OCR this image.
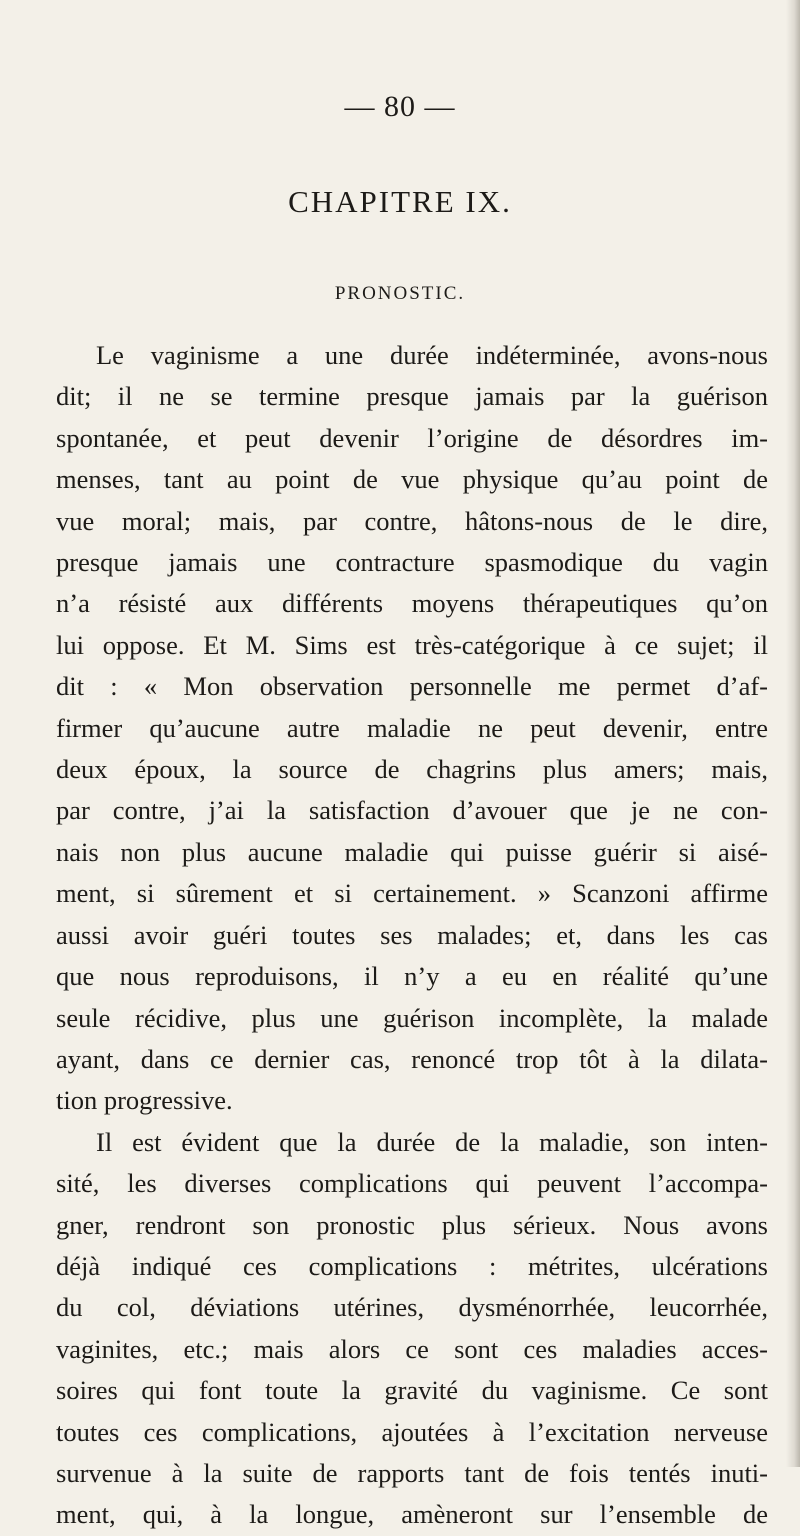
— 80 —
CHAPITRE IX.
PRONOSTIC.
Le vaginisme a une durée indéterminée, avons-nous
dit; il ne se termine presque jamais par la guérison
spontanée, et peut devenir l’origine de désordres im-
menses, tant au point de vue physique qu’au point de
vue moral; mais, par contre, hâtons-nous de le dire,
presque jamais une contracture spasmodique du vagin
n’a résisté aux différents moyens thérapeutiques qu’on
lui oppose. Et M. Sims est très-catégorique à ce sujet; il
dit : « Mon observation personnelle me permet d’af-
firmer qu’aucune autre maladie ne peut devenir, entre
deux époux, la source de chagrins plus amers; mais,
par contre, j’ai la satisfaction d’avouer que je ne con-
nais non plus aucune maladie qui puisse guérir si aisé-
ment, si sûrement et si certainement. » Scanzoni affirme
aussi avoir guéri toutes ses malades; et, dans les cas
que nous reproduisons, il n’y a eu en réalité qu’une
seule récidive, plus une guérison incomplète, la malade
ayant, dans ce dernier cas, renoncé trop tôt à la dilata-
tion progressive.
Il est évident que la durée de la maladie, son inten-
sité, les diverses complications qui peuvent l’accompa-
gner, rendront son pronostic plus sérieux. Nous avons
déjà indiqué ces complications : métrites, ulcérations
du col, déviations utérines, dysménorrhée, leucorrhée,
vaginites, etc.; mais alors ce sont ces maladies acces-
soires qui font toute la gravité du vaginisme. Ce sont
toutes ces complications, ajoutées à l’excitation nerveuse
survenue à la suite de rapports tant de fois tentés inuti-
ment, qui, à la longue, amèneront sur l’ensemble de
